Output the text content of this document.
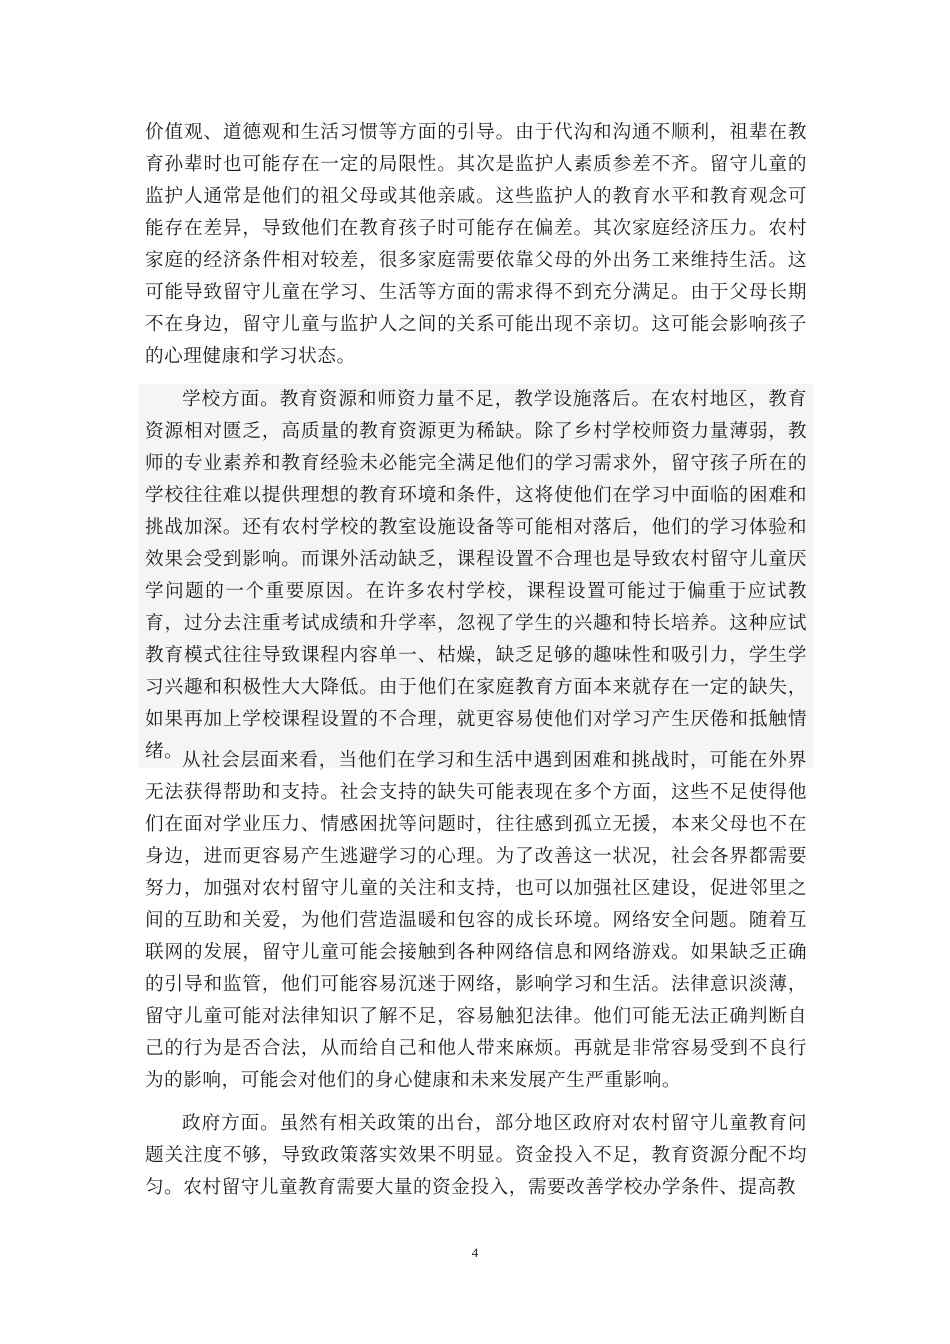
价值观、道德观和生活习惯等方面的引导。由于代沟和沟通不顺利，祖辈在教育孙辈时也可能存在一定的局限性。其次是监护人素质参差不齐。留守儿童的监护人通常是他们的祖父母或其他亲戚。这些监护人的教育水平和教育观念可能存在差异，导致他们在教育孩子时可能存在偏差。其次家庭经济压力。农村家庭的经济条件相对较差，很多家庭需要依靠父母的外出务工来维持生活。这可能导致留守儿童在学习、生活等方面的需求得不到充分满足。由于父母长期不在身边，留守儿童与监护人之间的关系可能出现不亲切。这可能会影响孩子的心理健康和学习状态。

学校方面。教育资源和师资力量不足，教学设施落后。在农村地区，教育资源相对匮乏，高质量的教育资源更为稀缺。除了乡村学校师资力量薄弱，教师的专业素养和教育经验未必能完全满足他们的学习需求外，留守孩子所在的学校往往难以提供理想的教育环境和条件，这将使他们在学习中面临的困难和挑战加深。还有农村学校的教室设施设备等可能相对落后，他们的学习体验和效果会受到影响。而课外活动缺乏，课程设置不合理也是导致农村留守儿童厌学问题的一个重要原因。在许多农村学校，课程设置可能过于偏重于应试教育，过分去注重考试成绩和升学率，忽视了学生的兴趣和特长培养。这种应试教育模式往往导致课程内容单一、枯燥，缺乏足够的趣味性和吸引力，学生学习兴趣和积极性大大降低。由于他们在家庭教育方面本来就存在一定的缺失，如果再加上学校课程设置的不合理，就更容易使他们对学习产生厌倦和抵触情绪。

从社会层面来看，当他们在学习和生活中遇到困难和挑战时，可能在外界无法获得帮助和支持。社会支持的缺失可能表现在多个方面，这些不足使得他们在面对学业压力、情感困扰等问题时，往往感到孤立无援，本来父母也不在身边，进而更容易产生逃避学习的心理。为了改善这一状况，社会各界都需要努力，加强对农村留守儿童的关注和支持，也可以加强社区建设，促进邻里之间的互助和关爱，为他们营造温暖和包容的成长环境。网络安全问题。随着互联网的发展，留守儿童可能会接触到各种网络信息和网络游戏。如果缺乏正确的引导和监管，他们可能容易沉迷于网络，影响学习和生活。法律意识淡薄，留守儿童可能对法律知识了解不足，容易触犯法律。他们可能无法正确判断自己的行为是否合法，从而给自己和他人带来麻烦。再就是非常容易受到不良行为的影响，可能会对他们的身心健康和未来发展产生严重影响。

政府方面。虽然有相关政策的出台，部分地区政府对农村留守儿童教育问题关注度不够，导致政策落实效果不明显。资金投入不足，教育资源分配不均匀。农村留守儿童教育需要大量的资金投入，需要改善学校办学条件、提高教

4
